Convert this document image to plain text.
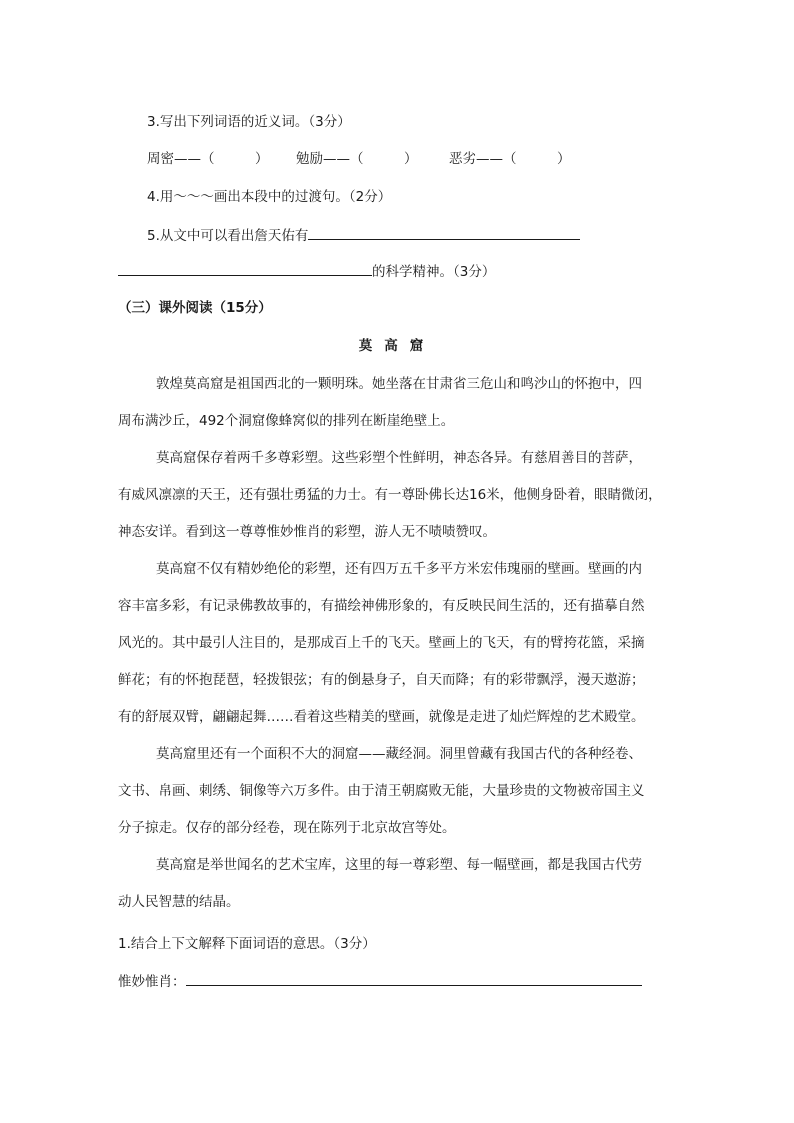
3.写出下列词语的近义词。（3分）
周密——（　　　） 勉励——（　　　） 恶劣——（　　　）
4.用～～～画出本段中的过渡句。（2分）
5.从文中可以看出詹天佑有
的科学精神。（3分）
（三）课外阅读（15分）
莫高窟
敦煌莫高窟是祖国西北的一颗明珠。她坐落在甘肃省三危山和鸣沙山的怀抱中，四
周布满沙丘，492个洞窟像蜂窝似的排列在断崖绝壁上。
莫高窟保存着两千多尊彩塑。这些彩塑个性鲜明，神态各异。有慈眉善目的菩萨，
有威风凛凛的天王，还有强壮勇猛的力士。有一尊卧佛长达16米，他侧身卧着，眼睛微闭，
神态安详。看到这一尊尊惟妙惟肖的彩塑，游人无不啧啧赞叹。
莫高窟不仅有精妙绝伦的彩塑，还有四万五千多平方米宏伟瑰丽的壁画。壁画的内
容丰富多彩，有记录佛教故事的，有描绘神佛形象的，有反映民间生活的，还有描摹自然
风光的。其中最引人注目的，是那成百上千的飞天。壁画上的飞天，有的臂挎花篮，采摘
鲜花；有的怀抱琵琶，轻拨银弦；有的倒悬身子，自天而降；有的彩带飘浮，漫天遨游；
有的舒展双臂，翩翩起舞……看着这些精美的壁画，就像是走进了灿烂辉煌的艺术殿堂。
莫高窟里还有一个面积不大的洞窟——藏经洞。洞里曾藏有我国古代的各种经卷、
文书、帛画、刺绣、铜像等六万多件。由于清王朝腐败无能，大量珍贵的文物被帝国主义
分子掠走。仅存的部分经卷，现在陈列于北京故宫等处。
莫高窟是举世闻名的艺术宝库，这里的每一尊彩塑、每一幅壁画，都是我国古代劳
动人民智慧的结晶。
1.结合上下文解释下面词语的意思。（3分）
惟妙惟肖：
